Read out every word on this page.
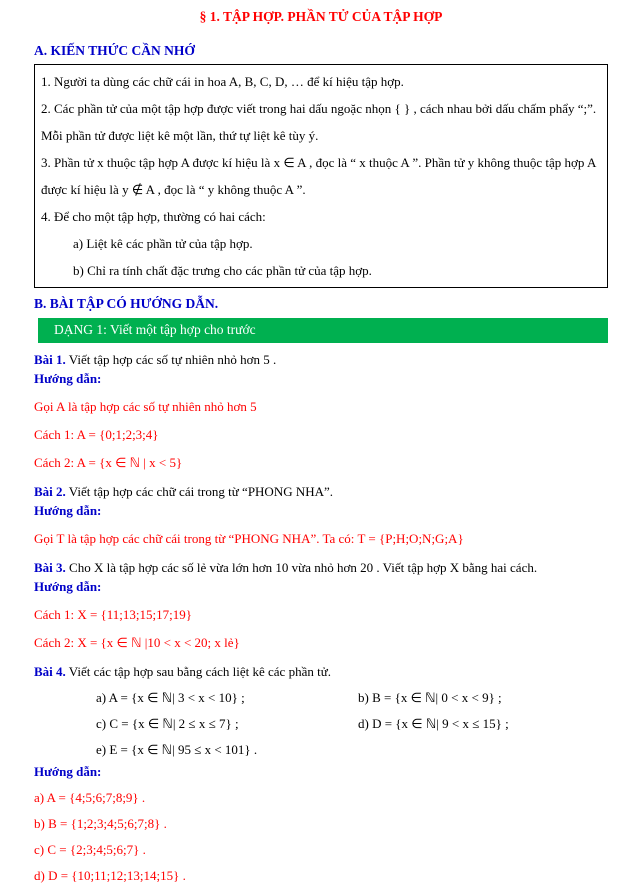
§ 1. TẬP HỢP. PHẦN TỬ CỦA TẬP HỢP
A. KIẾN THỨC CẦN NHỚ

1. Người ta dùng các chữ cái in hoa A, B, C, D, … để kí hiệu tập hợp.

2. Các phần tử của một tập hợp được viết trong hai dấu ngoặc nhọn { } , cách nhau bởi dấu chấm phẩy “;”. Mỗi phần tử được liệt kê một lần, thứ tự liệt kê tùy ý.

3. Phần tử x thuộc tập hợp A được kí hiệu là x ∈ A , đọc là “ x thuộc A ”. Phần tử y không thuộc tập hợp A được kí hiệu là y ∉ A , đọc là “ y không thuộc A ”.

4. Để cho một tập hợp, thường có hai cách:

a) Liệt kê các phần tử của tập hợp.

b) Chỉ ra tính chất đặc trưng cho các phần tử của tập hợp.

B. BÀI TẬP CÓ HƯỚNG DẪN.
DẠNG 1: Viết một tập hợp cho trước

Bài 1. Viết tập hợp các số tự nhiên nhỏ hơn 5 .

Hướng dẫn:

Gọi A là tập hợp các số tự nhiên nhỏ hơn 5

Cách 1: A = {0;1;2;3;4}

Cách 2: A = {x ∈ ℕ | x < 5}

Bài 2. Viết tập hợp các chữ cái trong từ “PHONG NHA”.

Hướng dẫn:

Gọi T là tập hợp các chữ cái trong từ “PHONG NHA”. Ta có: T = {P;H;O;N;G;A}

Bài 3. Cho X là tập hợp các số lẻ vừa lớn hơn 10 vừa nhỏ hơn 20 . Viết tập hợp X bằng hai cách.

Hướng dẫn:

Cách 1: X = {11;13;15;17;19}

Cách 2: X = {x ∈ ℕ |10 < x < 20; x lẻ}

Bài 4. Viết các tập hợp sau bằng cách liệt kê các phần tử.

a) A = {x ∈ ℕ| 3 < x < 10} ;	b) B = {x ∈ ℕ| 0 < x < 9} ;

c) C = {x ∈ ℕ| 2 ≤ x ≤ 7} ;	d) D = {x ∈ ℕ| 9 < x ≤ 15} ;

e) E = {x ∈ ℕ| 95 ≤ x < 101} .

Hướng dẫn:

a) A = {4;5;6;7;8;9} .

b) B = {1;2;3;4;5;6;7;8} .

c) C = {2;3;4;5;6;7} .

d) D = {10;11;12;13;14;15} .
